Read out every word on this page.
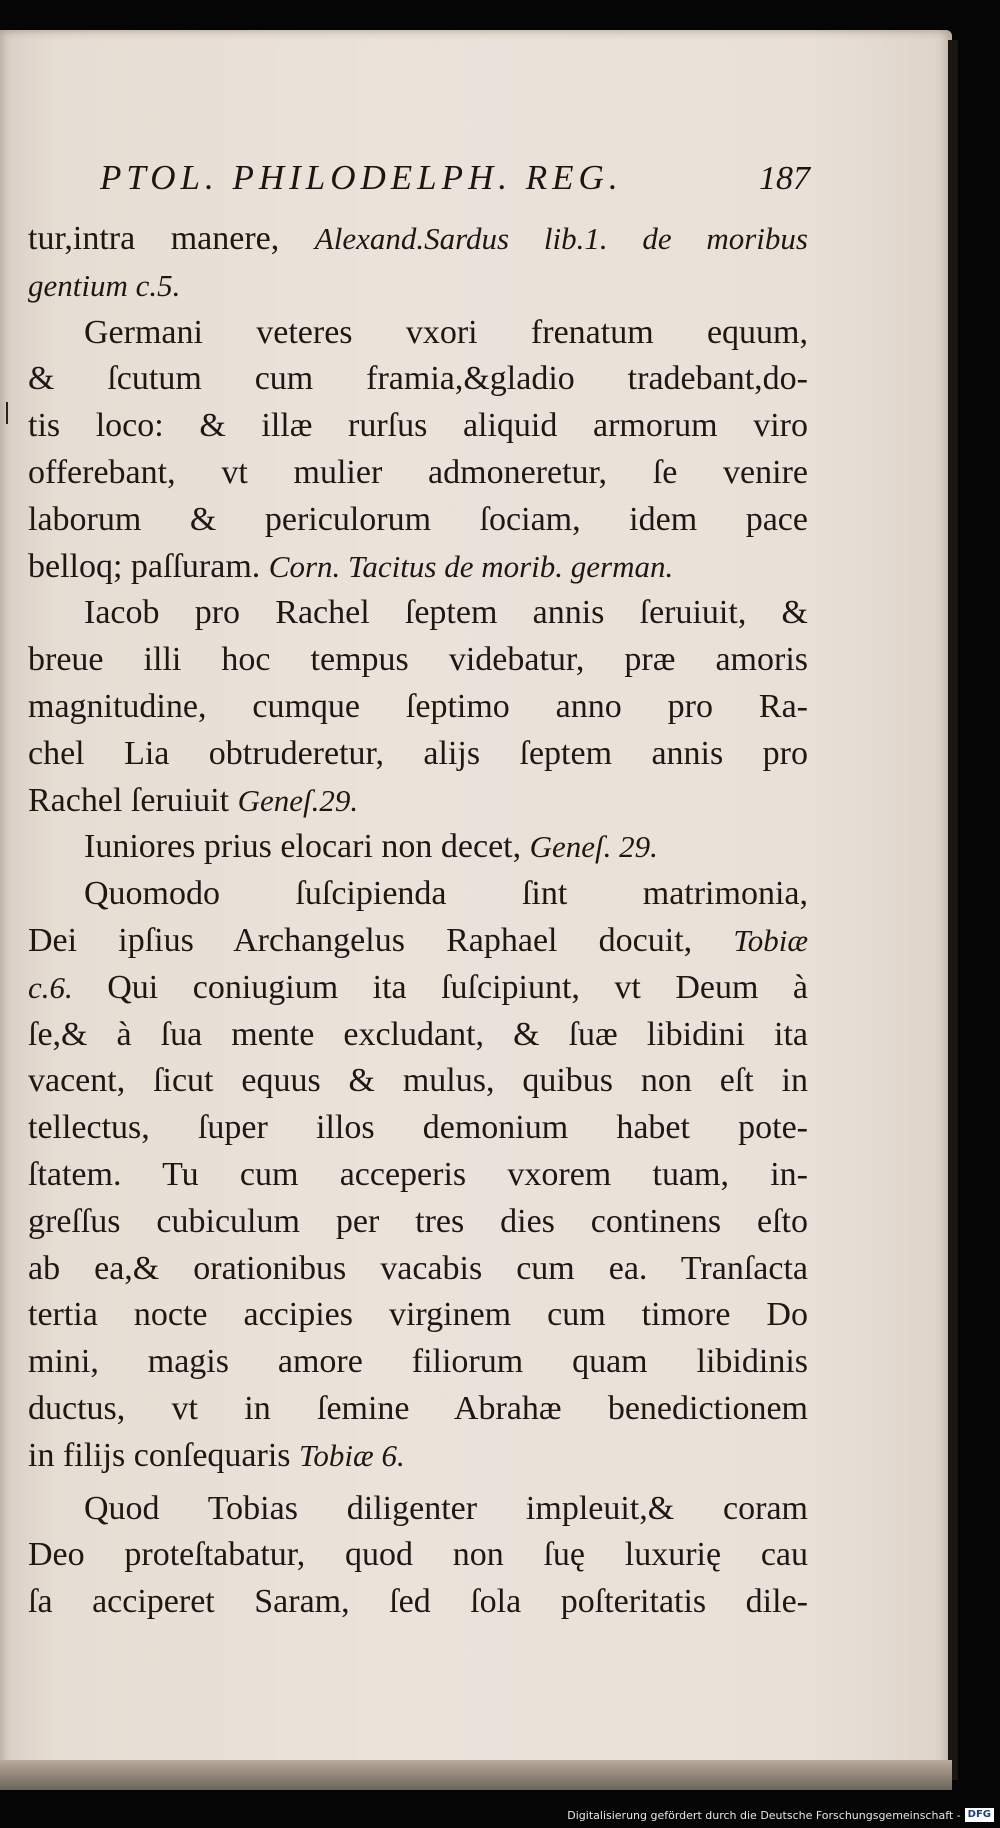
PTOL. PHILODELPH. REG.	187
tur,intra manere, Alexand.Sardus lib.1. de moribus
gentium c.5.
Germani veteres vxori frenatum equum,
& ſcutum cum framia,&gladio tradebant,do-
tis loco: & illæ rurſus aliquid armorum viro
offerebant, vt mulier admoneretur, ſe venire
laborum & periculorum ſociam, idem pace
belloq; paſſuram. Corn. Tacitus de morib. german.
Iacob pro Rachel ſeptem annis ſeruiuit, &
breue illi hoc tempus videbatur, præ amoris
magnitudine, cumque ſeptimo anno pro Ra-
chel Lia obtruderetur, alijs ſeptem annis pro
Rachel ſeruiuit Geneſ.29.
Iuniores prius elocari non decet, Geneſ. 29.
Quomodo ſuſcipienda ſint matrimonia,
Dei ipſius Archangelus Raphael docuit, Tobiæ
c.6. Qui coniugium ita ſuſcipiunt, vt Deum à
ſe,& à ſua mente excludant, & ſuæ libidini ita
vacent, ſicut equus & mulus, quibus non eſt in
tellectus, ſuper illos demonium habet pote-
ſtatem. Tu cum acceperis vxorem tuam, in-
greſſus cubiculum per tres dies continens eſto
ab ea,& orationibus vacabis cum ea. Tranſacta
tertia nocte accipies virginem cum timore Do
mini, magis amore filiorum quam libidinis
ductus, vt in ſemine Abrahæ benedictionem
in filijs conſequaris Tobiæ 6.
Quod Tobias diligenter impleuit,& coram
Deo proteſtabatur, quod non ſuę luxurię cau
ſa acciperet Saram, ſed ſola poſteritatis dile-
Digitalisierung gefördert durch die Deutsche Forschungsgemeinschaft - DFG
